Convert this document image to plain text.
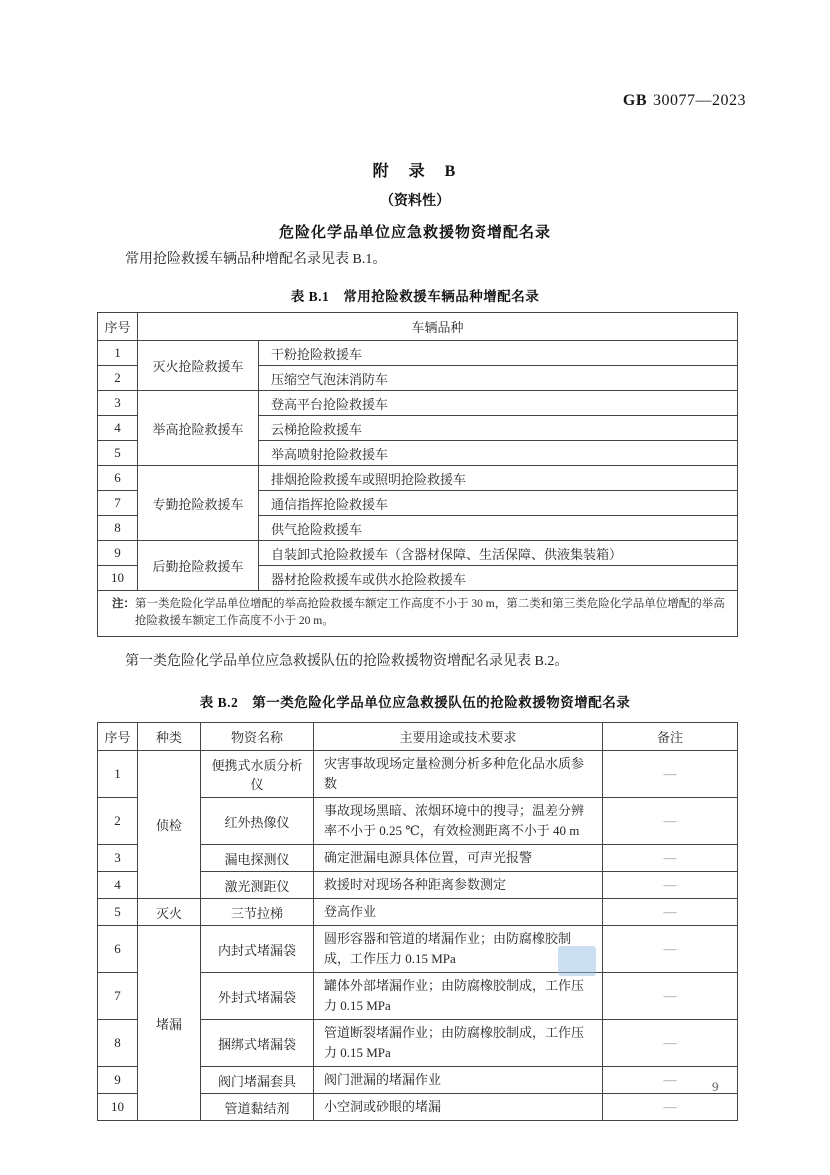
GB 30077—2023
附　录　B
（资料性）
危险化学品单位应急救援物资增配名录
常用抢险救援车辆品种增配名录见表 B.1。
表 B.1　常用抢险救援车辆品种增配名录
序号	车辆品种	
1	灭火抢险救援车	干粉抢险救援车
2		压缩空气泡沫消防车
3	举高抢险救援车	登高平台抢险救援车
4		云梯抢险救援车
5		举高喷射抢险救援车
6	专勤抢险救援车	排烟抢险救援车或照明抢险救援车
7		通信指挥抢险救援车
8		供气抢险救援车
9	后勤抢险救援车	自装卸式抢险救援车（含器材保障、生活保障、供液集装箱）
10		器材抢险救援车或供水抢险救援车
注：第一类危险化学品单位增配的举高抢险救援车额定工作高度不小于 30 m，第二类和第三类危险化学品单位增配的举高抢险救援车额定工作高度不小于 20 m。		
第一类危险化学品单位应急救援队伍的抢险救援物资增配名录见表 B.2。
表 B.2　第一类危险化学品单位应急救援队伍的抢险救援物资增配名录
序号	种类	物资名称	主要用途或技术要求	备注
1	侦检	便携式水质分析仪	灾害事故现场定量检测分析多种危化品水质参数	—
2		红外热像仪	事故现场黑暗、浓烟环境中的搜寻；温差分辨率不小于 0.25 ℃，有效检测距离不小于 40 m	—
3		漏电探测仪	确定泄漏电源具体位置，可声光报警	—
4		激光测距仪	救援时对现场各种距离参数测定	—
5	灭火	三节拉梯	登高作业	—
6	堵漏	内封式堵漏袋	圆形容器和管道的堵漏作业；由防腐橡胶制成，工作压力 0.15 MPa	—
7		外封式堵漏袋	罐体外部堵漏作业；由防腐橡胶制成，工作压力 0.15 MPa	—
8		捆绑式堵漏袋	管道断裂堵漏作业；由防腐橡胶制成，工作压力 0.15 MPa	—
9		阀门堵漏套具	阀门泄漏的堵漏作业	—
10		管道黏结剂	小空洞或砂眼的堵漏	—
9
